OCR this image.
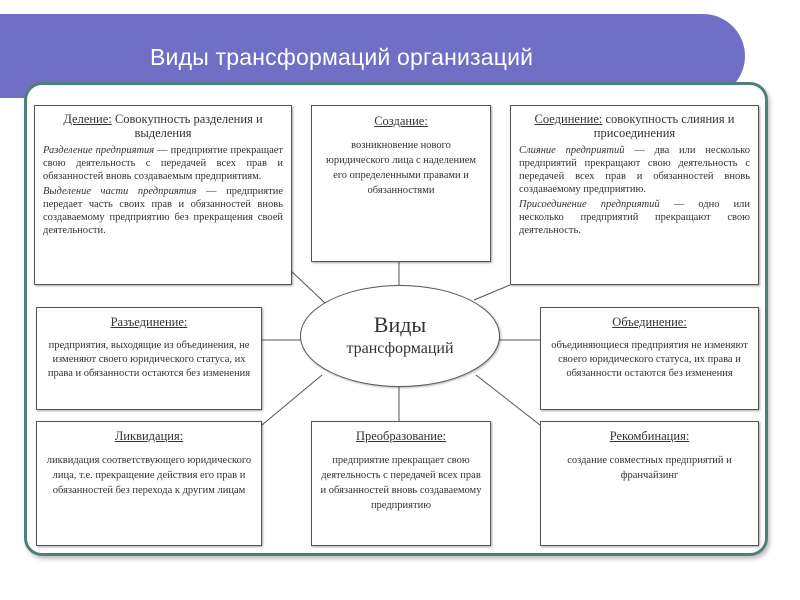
Виды трансформаций организаций
Деление: Совокупность разделения и выделения
Разделение предприятия — предприятие прекращает свою деятельность с передачей всех прав и обязанностей вновь создаваемым предприятиям.
Выделение части предприятия — предприятие передает часть своих прав и обязанностей вновь создаваемому предприятию без прекращения своей деятельности.
Создание:
возникновение нового юридического лица с наделением его определенными правами и обязанностями
Соединение: совокупность слияния и присоединения
Слияние предприятий — два или несколько предприятий прекращают свою деятельность с передачей всех прав и обязанностей вновь создаваемому предприятию.
Присоединение предприятий — одно или несколько предприятий прекращают свою деятельность.
Разъединение:
предприятия, выходящие из объединения, не изменяют своего юридического статуса, их права и обязанности остаются без изменения
Виды
трансформаций
Объединение:
объединяющиеся предприятия не изменяют своего юридического статуса, их права и обязанности остаются без изменения
Ликвидация:
ликвидация соответствующего юридического лица, т.е. прекращение действия его прав и обязанностей без перехода к другим лицам
Преобразование:
предприятие прекращает свою деятельность с передачей всех прав и обязанностей вновь создаваемому предприятию
Рекомбинация:
создание совместных предприятий и франчайзинг
